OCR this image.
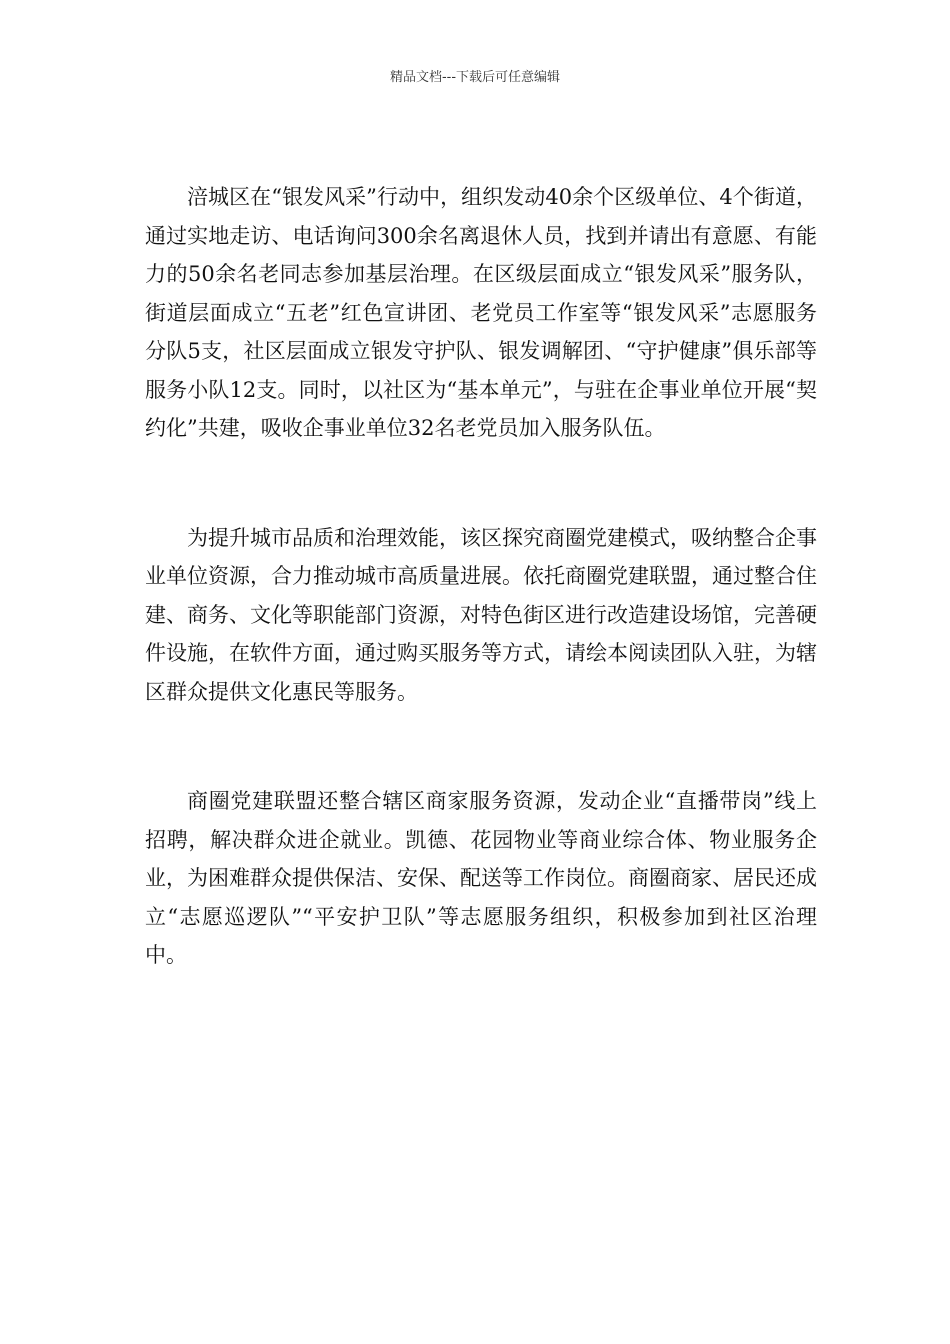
精品文档---下载后可任意编辑

涪城区在“银发风采”行动中，组织发动40余个区级单位、4个街道，通过实地走访、电话询问300余名离退休人员，找到并请出有意愿、有能力的50余名老同志参加基层治理。在区级层面成立“银发风采”服务队，街道层面成立“五老”红色宣讲团、老党员工作室等“银发风采”志愿服务分队5支，社区层面成立银发守护队、银发调解团、“守护健康”俱乐部等服务小队12支。同时，以社区为“基本单元”，与驻在企事业单位开展“契约化”共建，吸收企事业单位32名老党员加入服务队伍。

为提升城市品质和治理效能，该区探究商圈党建模式，吸纳整合企事业单位资源，合力推动城市高质量进展。依托商圈党建联盟，通过整合住建、商务、文化等职能部门资源，对特色街区进行改造建设场馆，完善硬件设施，在软件方面，通过购买服务等方式，请绘本阅读团队入驻，为辖区群众提供文化惠民等服务。

商圈党建联盟还整合辖区商家服务资源，发动企业“直播带岗”线上招聘，解决群众进企就业。凯德、花园物业等商业综合体、物业服务企业，为困难群众提供保洁、安保、配送等工作岗位。商圈商家、居民还成立“志愿巡逻队”“平安护卫队”等志愿服务组织，积极参加到社区治理中。
